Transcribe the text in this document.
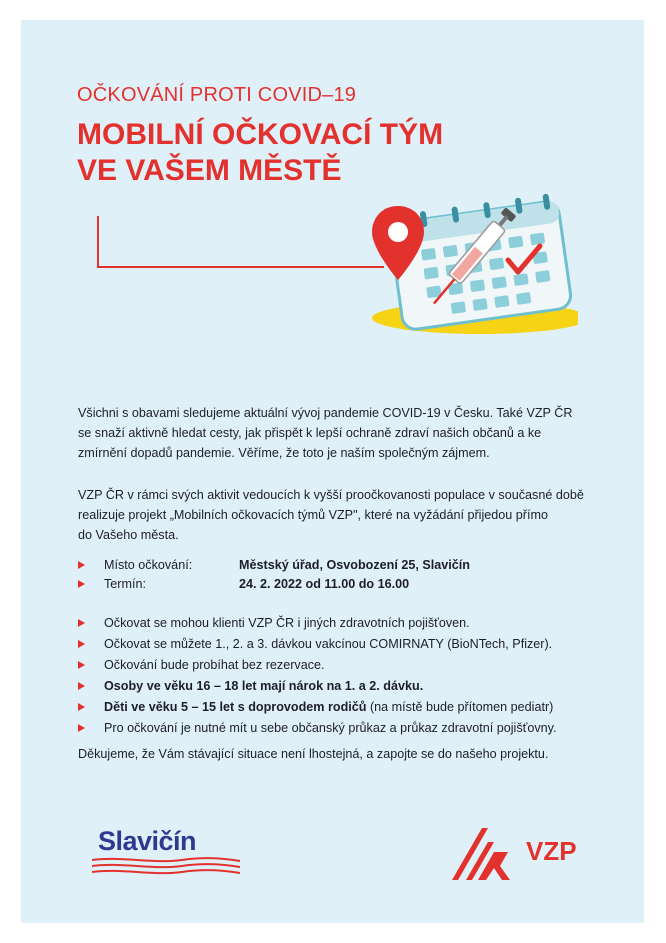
OČKOVÁNÍ PROTI COVID–19
MOBILNÍ OČKOVACÍ TÝM
VE VAŠEM MĚSTĚ
Všichni s obavami sledujeme aktuální vývoj pandemie COVID-19 v Česku. Také VZP ČR
se snaží aktivně hledat cesty, jak přispět k lepší ochraně zdraví našich občanů a ke
zmírnění dopadů pandemie. Věříme, že toto je naším společným zájmem.
VZP ČR v rámci svých aktivit vedoucích k vyšší proočkovanosti populace v současné době
realizuje projekt „Mobilních očkovacích týmů VZP", které na vyžádání přijedou přímo
do Vašeho města.
Místo očkování:	Městský úřad, Osvobození 25, Slavičín
Termín:	24. 2. 2022 od 11.00 do 16.00
Očkovat se mohou klienti VZP ČR i jiných zdravotních pojišťoven.
Očkovat se můžete 1., 2. a 3. dávkou vakcínou COMIRNATY (BioNTech, Pfizer).
Očkování bude probíhat bez rezervace.
Osoby ve věku 16 – 18 let mají nárok na 1. a 2. dávku.
Děti ve věku 5 – 15 let s doprovodem rodičů (na místě bude přítomen pediatr)
Pro očkování je nutné mít u sebe občanský průkaz a průkaz zdravotní pojišťovny.
Děkujeme, že Vám stávající situace není lhostejná, a zapojte se do našeho projektu.
Slavičín	VZP
